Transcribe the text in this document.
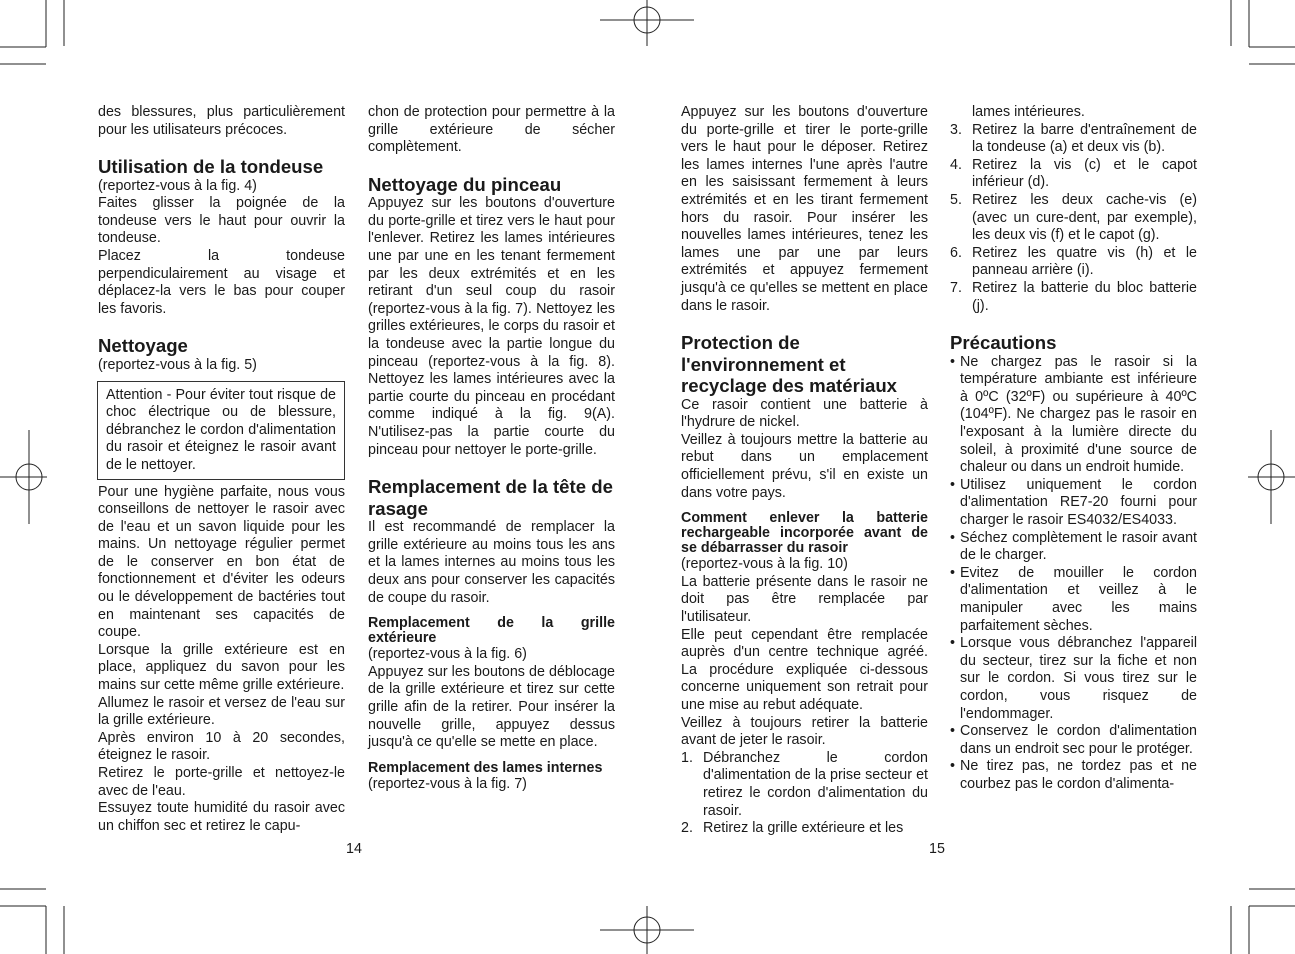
des blessures, plus particulièrement pour les utilisateurs précoces.

Utilisation de la tondeuse

(reportez-vous à la fig. 4)

Faites glisser la poignée de la tondeuse vers le haut pour ouvrir la tondeuse.

Placez la tondeuse perpendiculairement au visage et déplacez-la vers le bas pour couper les favoris.

Nettoyage

(reportez-vous à la fig. 5)

Attention - Pour éviter tout risque de choc électrique ou de blessure, débranchez le cordon d'alimentation du rasoir et éteignez le rasoir avant de le nettoyer.

Pour une hygiène parfaite, nous vous conseillons de nettoyer le rasoir avec de l'eau et un savon liquide pour les mains. Un nettoyage régulier permet de le conserver en bon état de fonctionnement et d'éviter les odeurs ou le développement de bactéries tout en maintenant ses capacités de coupe.

Lorsque la grille extérieure est en place, appliquez du savon pour les mains sur cette même grille extérieure.

Allumez le rasoir et versez de l'eau sur la grille extérieure.

Après environ 10 à 20 secondes, éteignez le rasoir.

Retirez le porte-grille et nettoyez-le avec de l'eau.

Essuyez toute humidité du rasoir avec un chiffon sec et retirez le capu-

chon de protection pour permettre à la grille extérieure de sécher complètement.

Nettoyage du pinceau

Appuyez sur les boutons d'ouverture du porte-grille et tirez vers le haut pour l'enlever. Retirez les lames intérieures une par une en les tenant fermement par les deux extrémités et en les retirant d'un seul coup du rasoir (reportez-vous à la fig. 7). Nettoyez les grilles extérieures, le corps du rasoir et la tondeuse avec la partie longue du pinceau (reportez-vous à la fig. 8). Nettoyez les lames intérieures avec la partie courte du pinceau en procédant comme indiqué à la fig. 9(A). N'utilisez-pas la partie courte du pinceau pour nettoyer le porte-grille.

Remplacement de la tête de rasage

Il est recommandé de remplacer la grille extérieure au moins tous les ans et la lames internes au moins tous les deux ans pour conserver les capacités de coupe du rasoir.

Remplacement de la grille extérieure

(reportez-vous à la fig. 6)

Appuyez sur les boutons de déblocage de la grille extérieure et tirez sur cette grille afin de la retirer. Pour insérer la nouvelle grille, appuyez dessus jusqu'à ce qu'elle se mette en place.

Remplacement des lames internes

(reportez-vous à la fig. 7)

14

Appuyez sur les boutons d'ouverture du porte-grille et tirer le porte-grille vers le haut pour le déposer. Retirez les lames internes l'une après l'autre en les saisissant fermement à leurs extrémités et en les tirant fermement hors du rasoir. Pour insérer les nouvelles lames intérieures, tenez les lames une par une par leurs extrémités et appuyez fermement jusqu'à ce qu'elles se mettent en place dans le rasoir.

Protection de l'environnement et recyclage des matériaux

Ce rasoir contient une batterie à l'hydrure de nickel.

Veillez à toujours mettre la batterie au rebut dans un emplacement officiellement prévu, s'il en existe un dans votre pays.

Comment enlever la batterie rechargeable incorporée avant de se débarrasser du rasoir

(reportez-vous à la fig. 10)

La batterie présente dans le rasoir ne doit pas être remplacée par l'utilisateur.

Elle peut cependant être remplacée auprès d'un centre technique agréé. La procédure expliquée ci-dessous concerne uniquement son retrait pour une mise au rebut adéquate.

Veillez à toujours retirer la batterie avant de jeter le rasoir.

1. Débranchez le cordon d'alimentation de la prise secteur et retirez le cordon d'alimentation du rasoir.
2. Retirez la grille extérieure et les

lames intérieures.

3. Retirez la barre d'entraînement de la tondeuse (a) et deux vis (b).
4. Retirez la vis (c) et le capot inférieur (d).
5. Retirez les deux cache-vis (e) (avec un cure-dent, par exemple), les deux vis (f) et le capot (g).
6. Retirez les quatre vis (h) et le panneau arrière (i).
7. Retirez la batterie du bloc batterie (j).
Précautions
• Ne chargez pas le rasoir si la température ambiante est inférieure à 0ºC (32ºF) ou supérieure à 40ºC (104ºF). Ne chargez pas le rasoir en l'exposant à la lumière directe du soleil, à proximité d'une source de chaleur ou dans un endroit humide.
• Utilisez uniquement le cordon d'alimentation RE7-20 fourni pour charger le rasoir ES4032/ES4033.
• Séchez complètement le rasoir avant de le charger.
• Evitez de mouiller le cordon d'alimentation et veillez à le manipuler avec les mains parfaitement sèches.
• Lorsque vous débranchez l'appareil du secteur, tirez sur la fiche et non sur le cordon. Si vous tirez sur le cordon, vous risquez de l'endommager.
• Conservez le cordon d'alimentation dans un endroit sec pour le protéger.
• Ne tirez pas, ne tordez pas et ne courbez pas le cordon d'alimenta-
15
